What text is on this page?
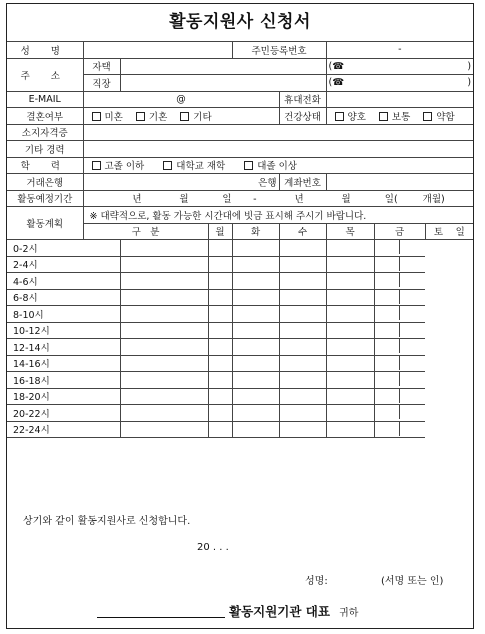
활동지원사 신청서
성 명				주민등록번호		-		
주 소	자택					(☎ )		

	직장					(☎ )		

E-MAIL	@				휴대전화			
결혼여부	미혼 기혼 기타				건강상태	양호 보통 약함		
소지자격증								
기타 경력								
학 력	고졸 이하 대학교 재학 대졸 이상							
거래은행	은행				계좌번호			
활동예정기간	년 월 일 - 년 월 일( 개월)							
활동계획	※ 대략적으로, 활동 가능한 시간대에 빗금 표시해 주시기 바랍니다.							
	구　분		월	화	수	목	금	토 일
0-2시								
2-4시								
4-6시								
6-8시								
8-10시								
10-12시								
12-14시								
14-16시								
16-18시								
18-20시								
20-22시								
22-24시								
상기와 같이 활동지원사로 신청합니다.
20 . . .
성명:	(서명 또는 인)
활동지원기관 대표 귀하
